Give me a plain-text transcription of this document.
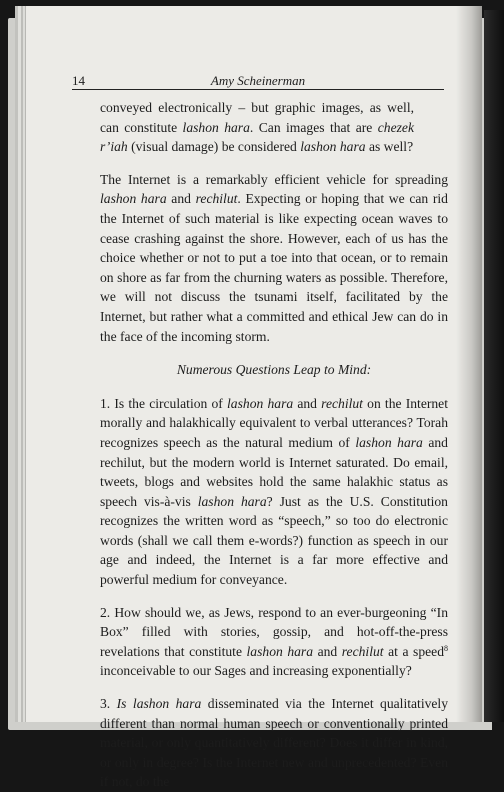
14	Amy Scheinerman

conveyed electronically – but graphic images, as well, can constitute lashon hara. Can images that are chezek r’iah (visual damage) be considered lashon hara as well?

The Internet is a remarkably efficient vehicle for spreading lashon hara and rechilut. Expecting or hoping that we can rid the Internet of such material is like expecting ocean waves to cease crashing against the shore. However, each of us has the choice whether or not to put a toe into that ocean, or to remain on shore as far from the churning waters as possible. Therefore, we will not discuss the tsunami itself, facilitated by the Internet, but rather what a committed and ethical Jew can do in the face of the incoming storm.

Numerous Questions Leap to Mind:

1. Is the circulation of lashon hara and rechilut on the Internet morally and halakhically equivalent to verbal utterances? Torah recognizes speech as the natural medium of lashon hara and rechilut, but the modern world is Internet saturated. Do email, tweets, blogs and websites hold the same halakhic status as speech vis-à-vis lashon hara? Just as the U.S. Constitution recognizes the written word as “speech,” so too do electronic words (shall we call them e-words?) function as speech in our age and indeed, the Internet is a far more effective and powerful medium for conveyance.

2. How should we, as Jews, respond to an ever-burgeoning “In Box” filled with stories, gossip, and hot-off-the-press revelations that constitute lashon hara and rechilut at a speed$^8$ inconceivable to our Sages and increasing exponentially?

3. Is lashon hara disseminated via the Internet qualitatively different than normal human speech or conventionally printed material, or only quantitatively different? Does it differ in kind, or only in degree? Is the Internet new and unprecedented? Even if not, do the
